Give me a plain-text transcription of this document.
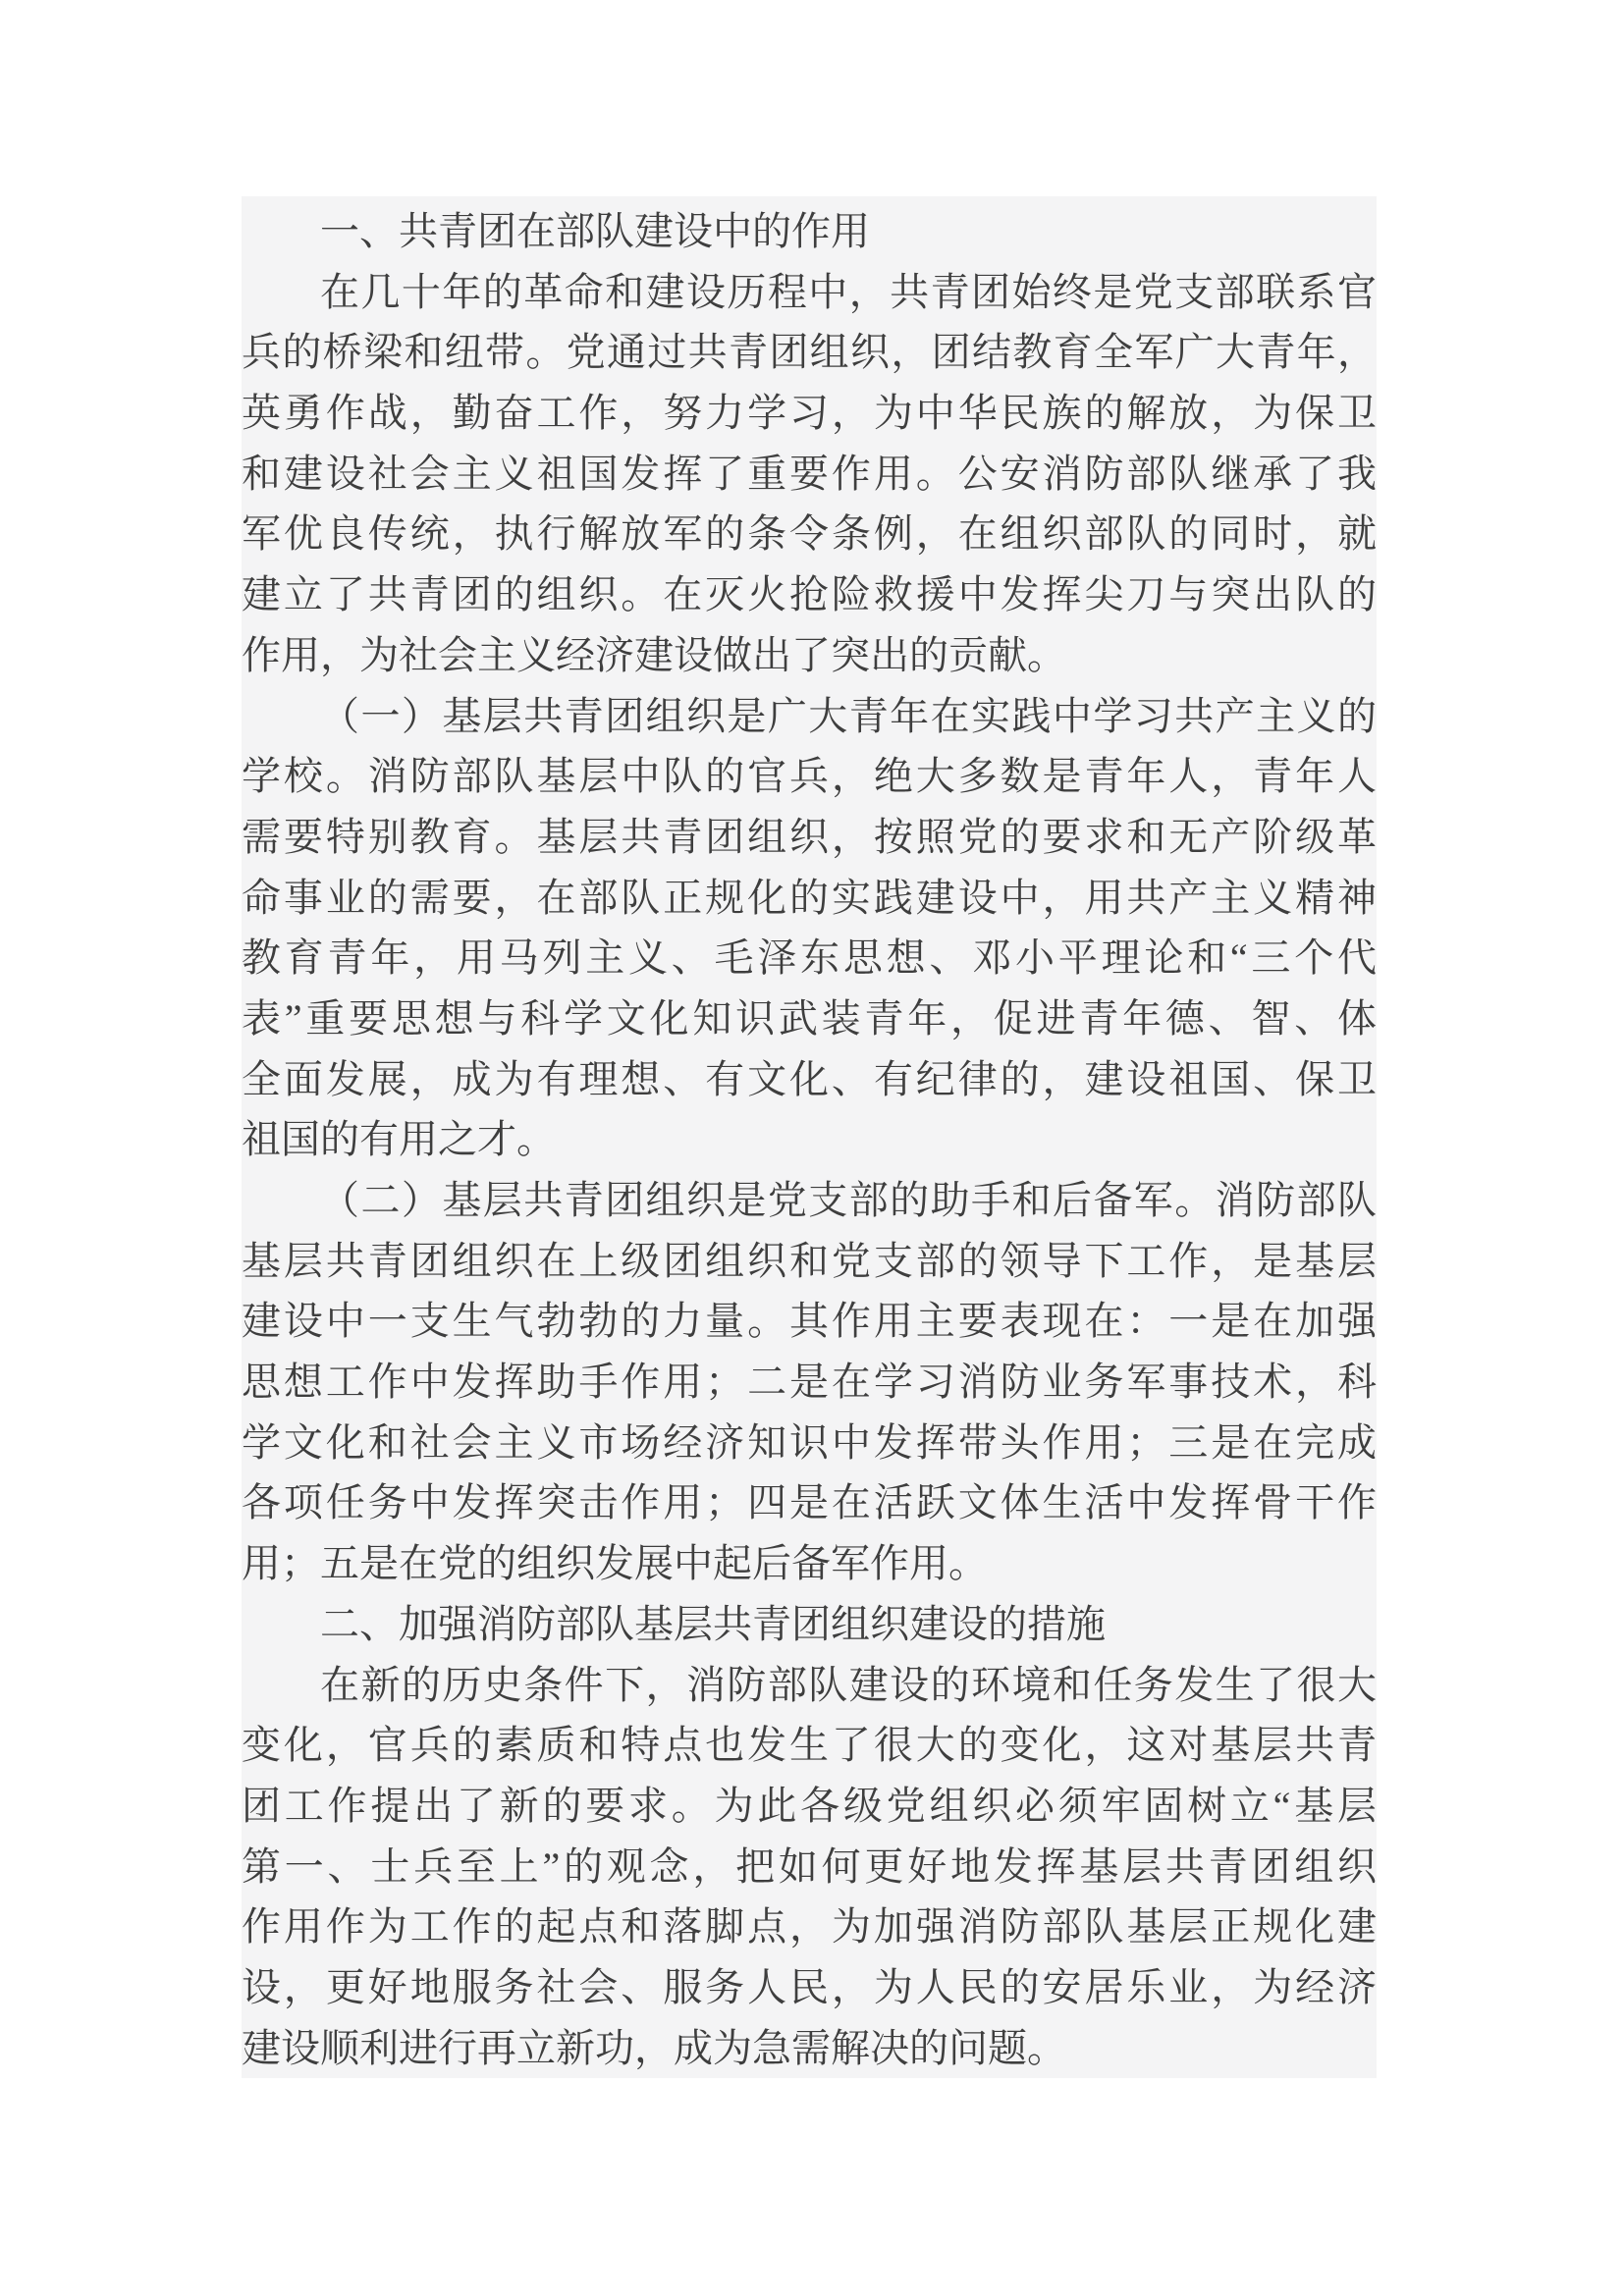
一、共青团在部队建设中的作用
在几十年的革命和建设历程中，共青团始终是党支部联系官
兵的桥梁和纽带。党通过共青团组织，团结教育全军广大青年，
英勇作战，勤奋工作，努力学习，为中华民族的解放，为保卫
和建设社会主义祖国发挥了重要作用。公安消防部队继承了我
军优良传统，执行解放军的条令条例，在组织部队的同时，就
建立了共青团的组织。在灭火抢险救援中发挥尖刀与突出队的
作用，为社会主义经济建设做出了突出的贡献。
（一）基层共青团组织是广大青年在实践中学习共产主义的
学校。消防部队基层中队的官兵，绝大多数是青年人，青年人
需要特别教育。基层共青团组织，按照党的要求和无产阶级革
命事业的需要，在部队正规化的实践建设中，用共产主义精神
教育青年，用马列主义、毛泽东思想、邓小平理论和“三个代
表”重要思想与科学文化知识武装青年，促进青年德、智、体
全面发展，成为有理想、有文化、有纪律的，建设祖国、保卫
祖国的有用之才。
（二）基层共青团组织是党支部的助手和后备军。消防部队
基层共青团组织在上级团组织和党支部的领导下工作，是基层
建设中一支生气勃勃的力量。其作用主要表现在：一是在加强
思想工作中发挥助手作用；二是在学习消防业务军事技术，科
学文化和社会主义市场经济知识中发挥带头作用；三是在完成
各项任务中发挥突击作用；四是在活跃文体生活中发挥骨干作
用；五是在党的组织发展中起后备军作用。
二、加强消防部队基层共青团组织建设的措施
在新的历史条件下，消防部队建设的环境和任务发生了很大
变化，官兵的素质和特点也发生了很大的变化，这对基层共青
团工作提出了新的要求。为此各级党组织必须牢固树立“基层
第一、士兵至上”的观念，把如何更好地发挥基层共青团组织
作用作为工作的起点和落脚点，为加强消防部队基层正规化建
设，更好地服务社会、服务人民，为人民的安居乐业，为经济
建设顺利进行再立新功，成为急需解决的问题。
